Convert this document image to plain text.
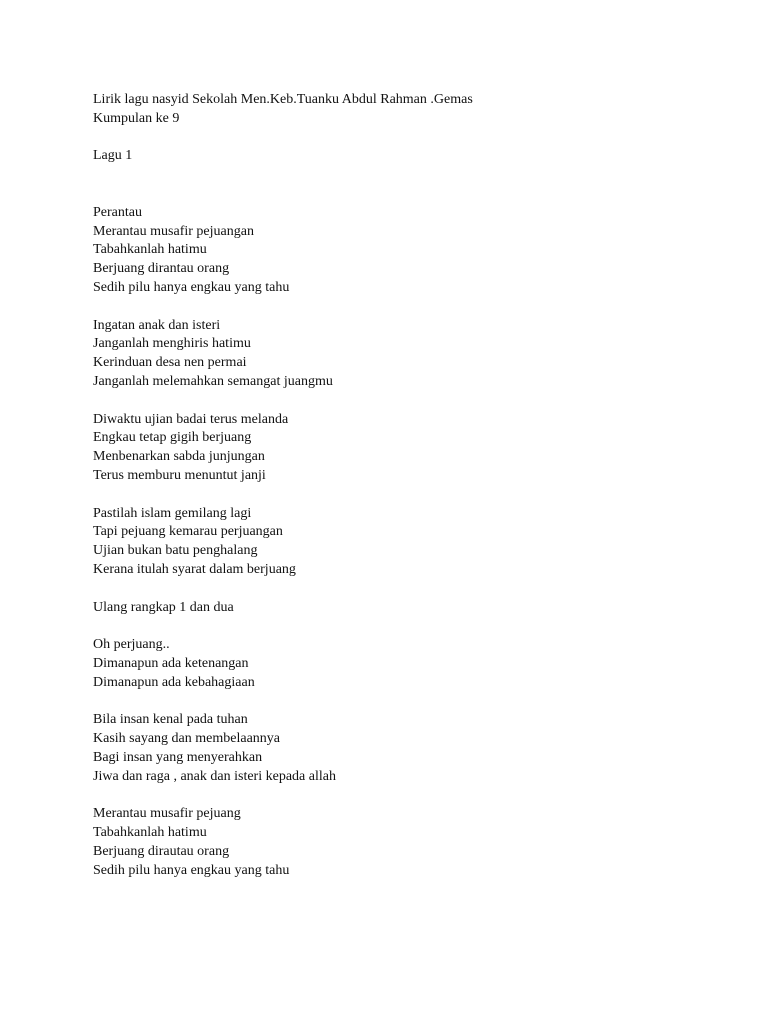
Lirik lagu nasyid Sekolah Men.Keb.Tuanku Abdul Rahman .Gemas
Kumpulan ke 9
Lagu 1
Perantau
Merantau musafir pejuangan
Tabahkanlah hatimu
Berjuang dirantau orang
Sedih pilu hanya engkau yang tahu
Ingatan anak dan isteri
Janganlah menghiris hatimu
Kerinduan desa nen permai
Janganlah melemahkan semangat juangmu
Diwaktu ujian badai terus melanda
Engkau tetap gigih berjuang
Menbenarkan sabda junjungan
Terus memburu menuntut janji
Pastilah islam gemilang lagi
Tapi pejuang kemarau perjuangan
Ujian bukan batu penghalang
Kerana itulah syarat dalam berjuang
Ulang rangkap 1 dan dua
Oh perjuang..
Dimanapun ada ketenangan
Dimanapun ada kebahagiaan
Bila insan kenal pada tuhan
Kasih sayang dan membelaannya
Bagi insan yang menyerahkan
Jiwa dan raga , anak dan isteri kepada allah
Merantau musafir pejuang
Tabahkanlah hatimu
Berjuang dirautau orang
Sedih pilu hanya engkau yang tahu
